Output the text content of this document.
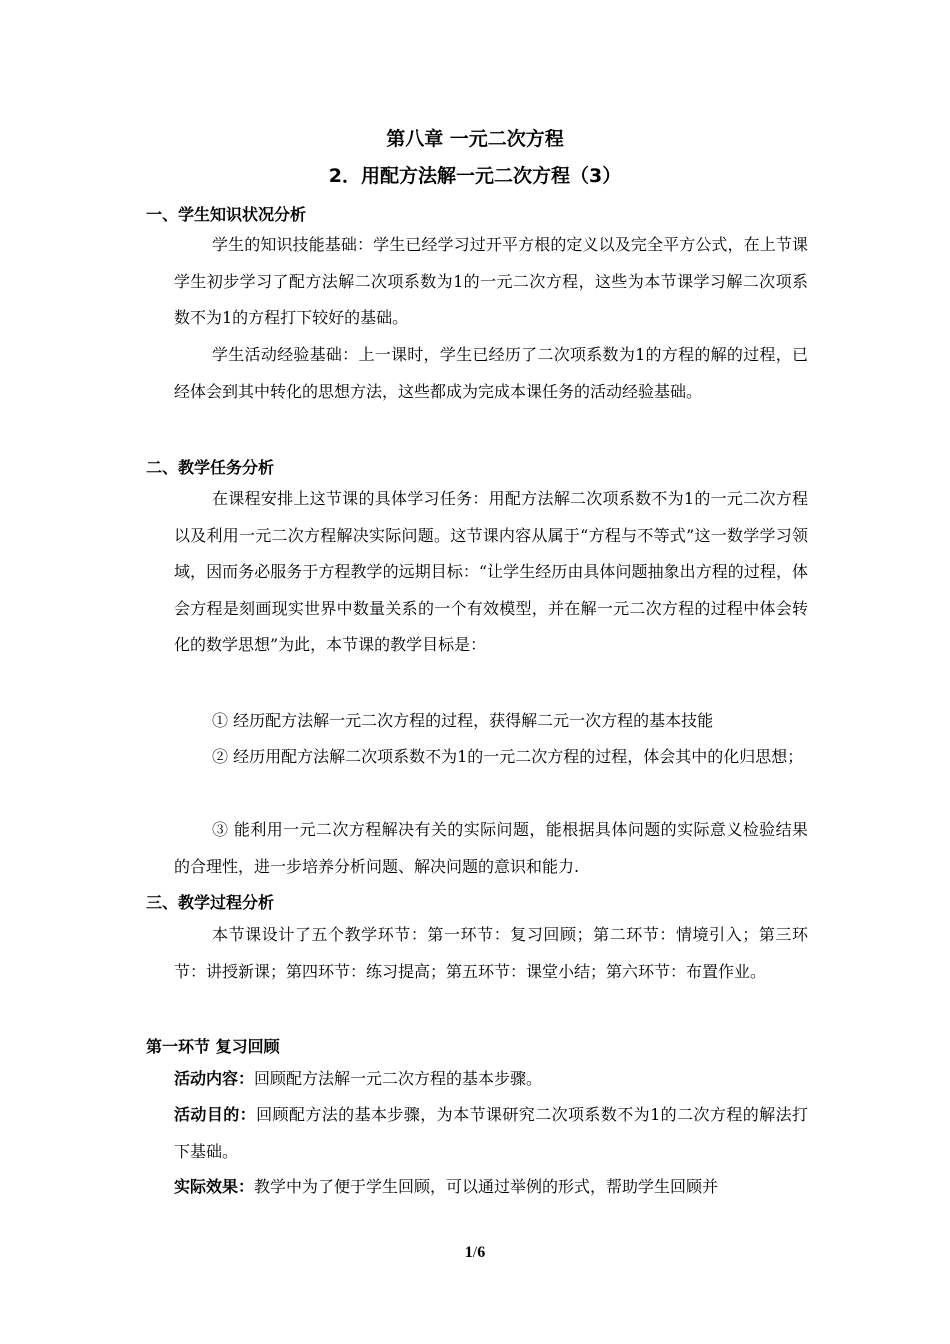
第八章 一元二次方程
2．用配方法解一元二次方程（3）
一、学生知识状况分析

学生的知识技能基础：学生已经学习过开平方根的定义以及完全平方公式，在上节课学生初步学习了配方法解二次项系数为1的一元二次方程，这些为本节课学习解二次项系数不为1的方程打下较好的基础。

学生活动经验基础：上一课时，学生已经历了二次项系数为1的方程的解的过程，已经体会到其中转化的思想方法，这些都成为完成本课任务的活动经验基础。

二、教学任务分析

在课程安排上这节课的具体学习任务：用配方法解二次项系数不为1的一元二次方程以及利用一元二次方程解决实际问题。这节课内容从属于“方程与不等式”这一数学学习领域，因而务必服务于方程教学的远期目标：“让学生经历由具体问题抽象出方程的过程，体会方程是刻画现实世界中数量关系的一个有效模型，并在解一元二次方程的过程中体会转化的数学思想”为此，本节课的教学目标是：

① 经历配方法解一元二次方程的过程，获得解二元一次方程的基本技能

② 经历用配方法解二次项系数不为1的一元二次方程的过程，体会其中的化归思想；

③ 能利用一元二次方程解决有关的实际问题，能根据具体问题的实际意义检验结果的合理性，进一步培养分析问题、解决问题的意识和能力.

三、教学过程分析

本节课设计了五个教学环节：第一环节：复习回顾；第二环节：情境引入；第三环节：讲授新课；第四环节：练习提高；第五环节：课堂小结；第六环节：布置作业。

第一环节 复习回顾

活动内容：回顾配方法解一元二次方程的基本步骤。

活动目的：回顾配方法的基本步骤，为本节课研究二次项系数不为1的二次方程的解法打下基础。

实际效果：教学中为了便于学生回顾，可以通过举例的形式，帮助学生回顾并

1/6
